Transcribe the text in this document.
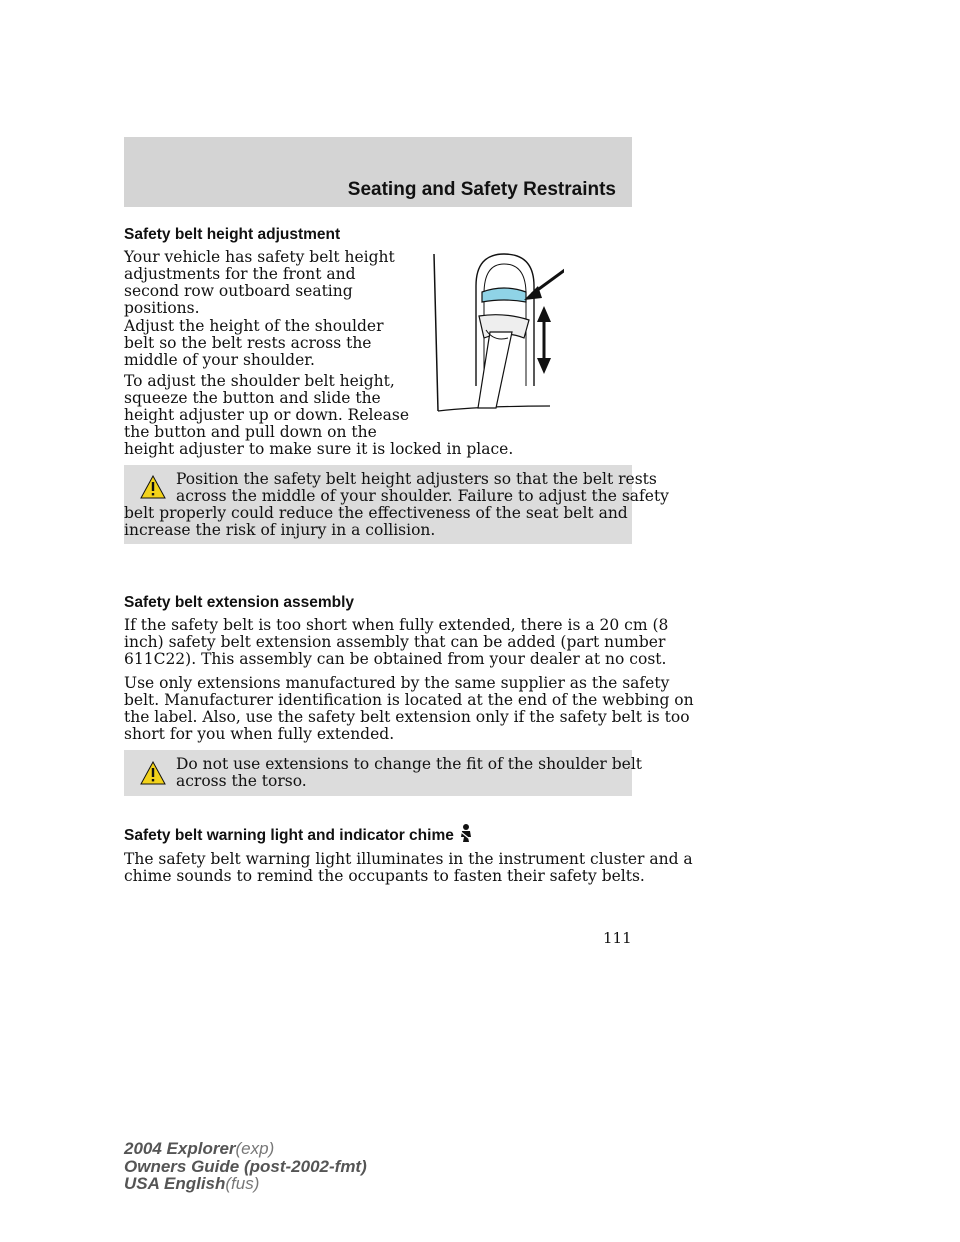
Seating and Safety Restraints
Safety belt height adjustment
Your vehicle has safety belt height
adjustments for the front and
second row outboard seating
positions.
Adjust the height of the shoulder
belt so the belt rests across the
middle of your shoulder.
To adjust the shoulder belt height,
squeeze the button and slide the
height adjuster up or down. Release
the button and pull down on the
height adjuster to make sure it is locked in place.
Position the safety belt height adjusters so that the belt rests
across the middle of your shoulder. Failure to adjust the safety
belt properly could reduce the effectiveness of the seat belt and
increase the risk of injury in a collision.
Safety belt extension assembly
If the safety belt is too short when fully extended, there is a 20 cm (8
inch) safety belt extension assembly that can be added (part number
611C22). This assembly can be obtained from your dealer at no cost.
Use only extensions manufactured by the same supplier as the safety
belt. Manufacturer identification is located at the end of the webbing on
the label. Also, use the safety belt extension only if the safety belt is too
short for you when fully extended.
Do not use extensions to change the fit of the shoulder belt
across the torso.
Safety belt warning light and indicator chime
The safety belt warning light illuminates in the instrument cluster and a
chime sounds to remind the occupants to fasten their safety belts.
111
2004 Explorer(exp)
Owners Guide (post-2002-fmt)
USA English(fus)
